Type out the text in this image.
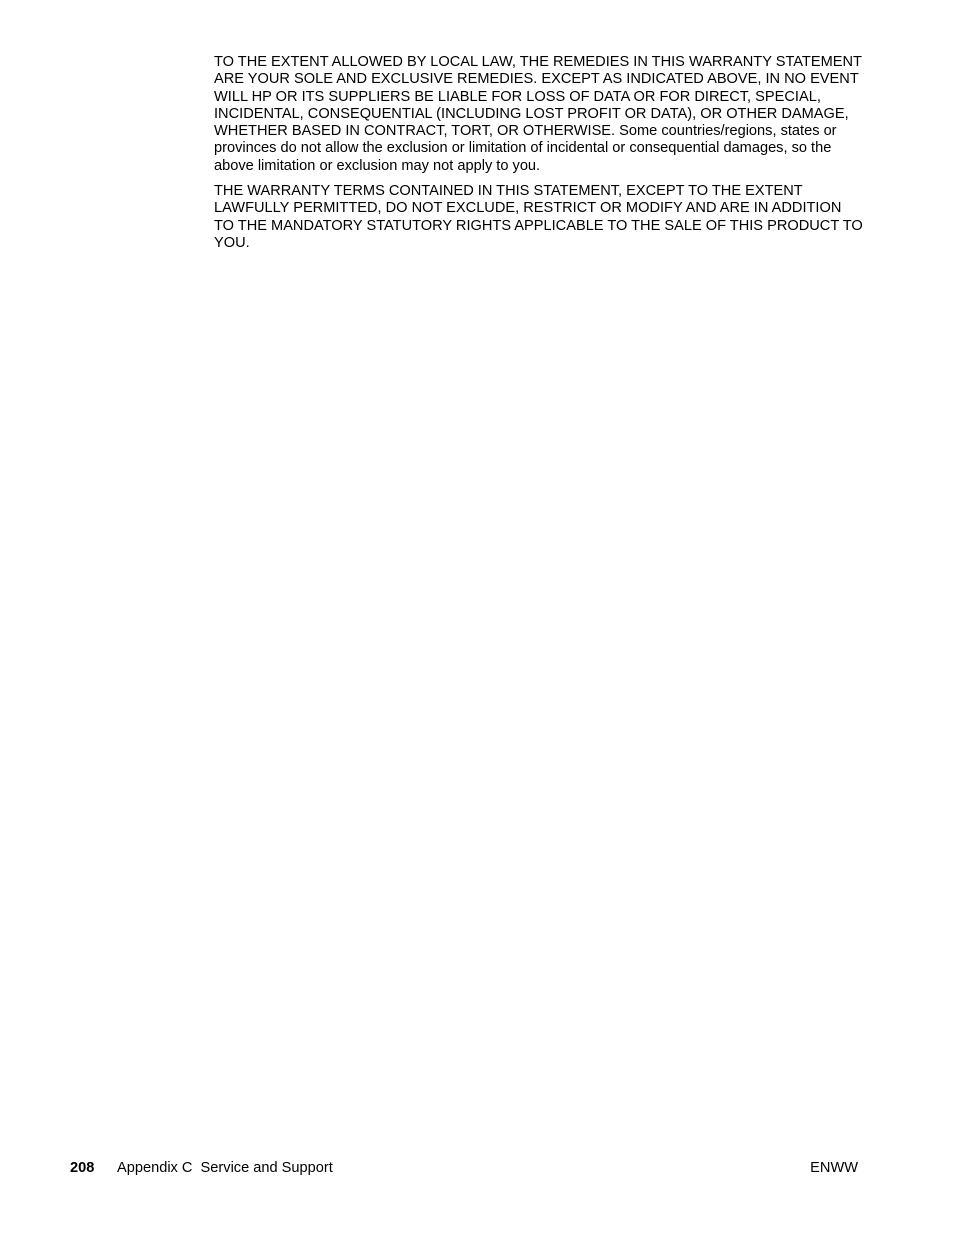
TO THE EXTENT ALLOWED BY LOCAL LAW, THE REMEDIES IN THIS WARRANTY STATEMENT ARE YOUR SOLE AND EXCLUSIVE REMEDIES. EXCEPT AS INDICATED ABOVE, IN NO EVENT WILL HP OR ITS SUPPLIERS BE LIABLE FOR LOSS OF DATA OR FOR DIRECT, SPECIAL, INCIDENTAL, CONSEQUENTIAL (INCLUDING LOST PROFIT OR DATA), OR OTHER DAMAGE, WHETHER BASED IN CONTRACT, TORT, OR OTHERWISE. Some countries/regions, states or provinces do not allow the exclusion or limitation of incidental or consequential damages, so the above limitation or exclusion may not apply to you.

THE WARRANTY TERMS CONTAINED IN THIS STATEMENT, EXCEPT TO THE EXTENT LAWFULLY PERMITTED, DO NOT EXCLUDE, RESTRICT OR MODIFY AND ARE IN ADDITION TO THE MANDATORY STATUTORY RIGHTS APPLICABLE TO THE SALE OF THIS PRODUCT TO YOU.

208 Appendix C  Service and Support	ENWW
